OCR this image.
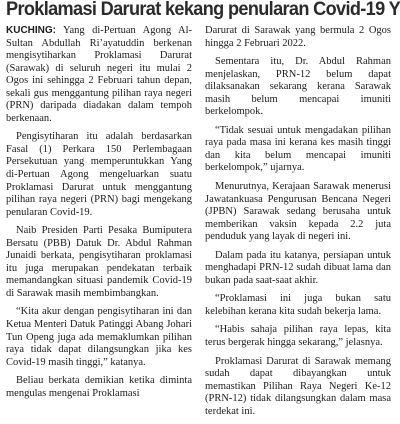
Proklamasi Darurat kekang penularan Covid-19 Y

KUCHING: Yang di-Pertuan Agong Al-Sultan Abdullah Ri’ayatuddin berkenan mengisytiharkan Proklamasi Darurat (Sarawak) di seluruh negeri itu mulai 2 Ogos ini sehingga 2 Februari tahun depan, sekali gus menggantung pilihan raya negeri (PRN) daripada diadakan dalam tempoh berkenaan.

Pengisytiharan itu adalah berdasarkan Fasal (1) Perkara 150 Perlembagaan Persekutuan yang memperuntukkan Yang di-Pertuan Agong mengeluarkan suatu Proklamasi Darurat untuk menggantung pilihan raya negeri (PRN) bagi mengekang penularan Covid-19.

Naib Presiden Parti Pesaka Bumiputera Bersatu (PBB) Datuk Dr. Abdul Rahman Junaidi berkata, pengisytiharan proklamasi itu juga merupakan pendekatan terbaik memandangkan situasi pandemik Covid-19 di Sarawak masih membimbangkan.

“Kita akur dengan pengisytiharan ini dan Ketua Menteri Datuk Patinggi Abang Johari Tun Openg juga ada memaklumkan pilihan raya tidak dapat dilangsungkan jika kes Covid-19 masih tinggi,” katanya.

Beliau berkata demikian ketika diminta mengulas mengenai Proklamasi

Darurat di Sarawak yang bermula 2 Ogos hingga 2 Februari 2022.

Sementara itu, Dr. Abdul Rahman menjelaskan, PRN-12 belum dapat dilaksanakan sekarang kerana Sarawak masih belum mencapai imuniti berkelompok.

“Tidak sesuai untuk mengadakan pilihan raya pada masa ini kerana kes masih tinggi dan kita belum mencapai imuniti berkelompok,” ujarnya.

Menurutnya, Kerajaan Sarawak menerusi Jawatankuasa Pengurusan Bencana Negeri (JPBN) Sarawak sedang berusaha untuk memberikan vaksin kepada 2.2 juta penduduk yang layak di negeri ini.

Dalam pada itu katanya, persiapan untuk menghadapi PRN-12 sudah dibuat lama dan bukan pada saat-saat akhir.

“Proklamasi ini juga bukan satu kelebihan kerana kita sudah bekerja lama.

“Habis sahaja pilihan raya lepas, kita terus bergerak hingga sekarang,” jelasnya.

Proklamasi Darurat di Sarawak memang sudah dapat dibayangkan untuk memastikan Pilihan Raya Negeri Ke-12 (PRN-12) tidak dilangsungkan dalam masa terdekat ini.
